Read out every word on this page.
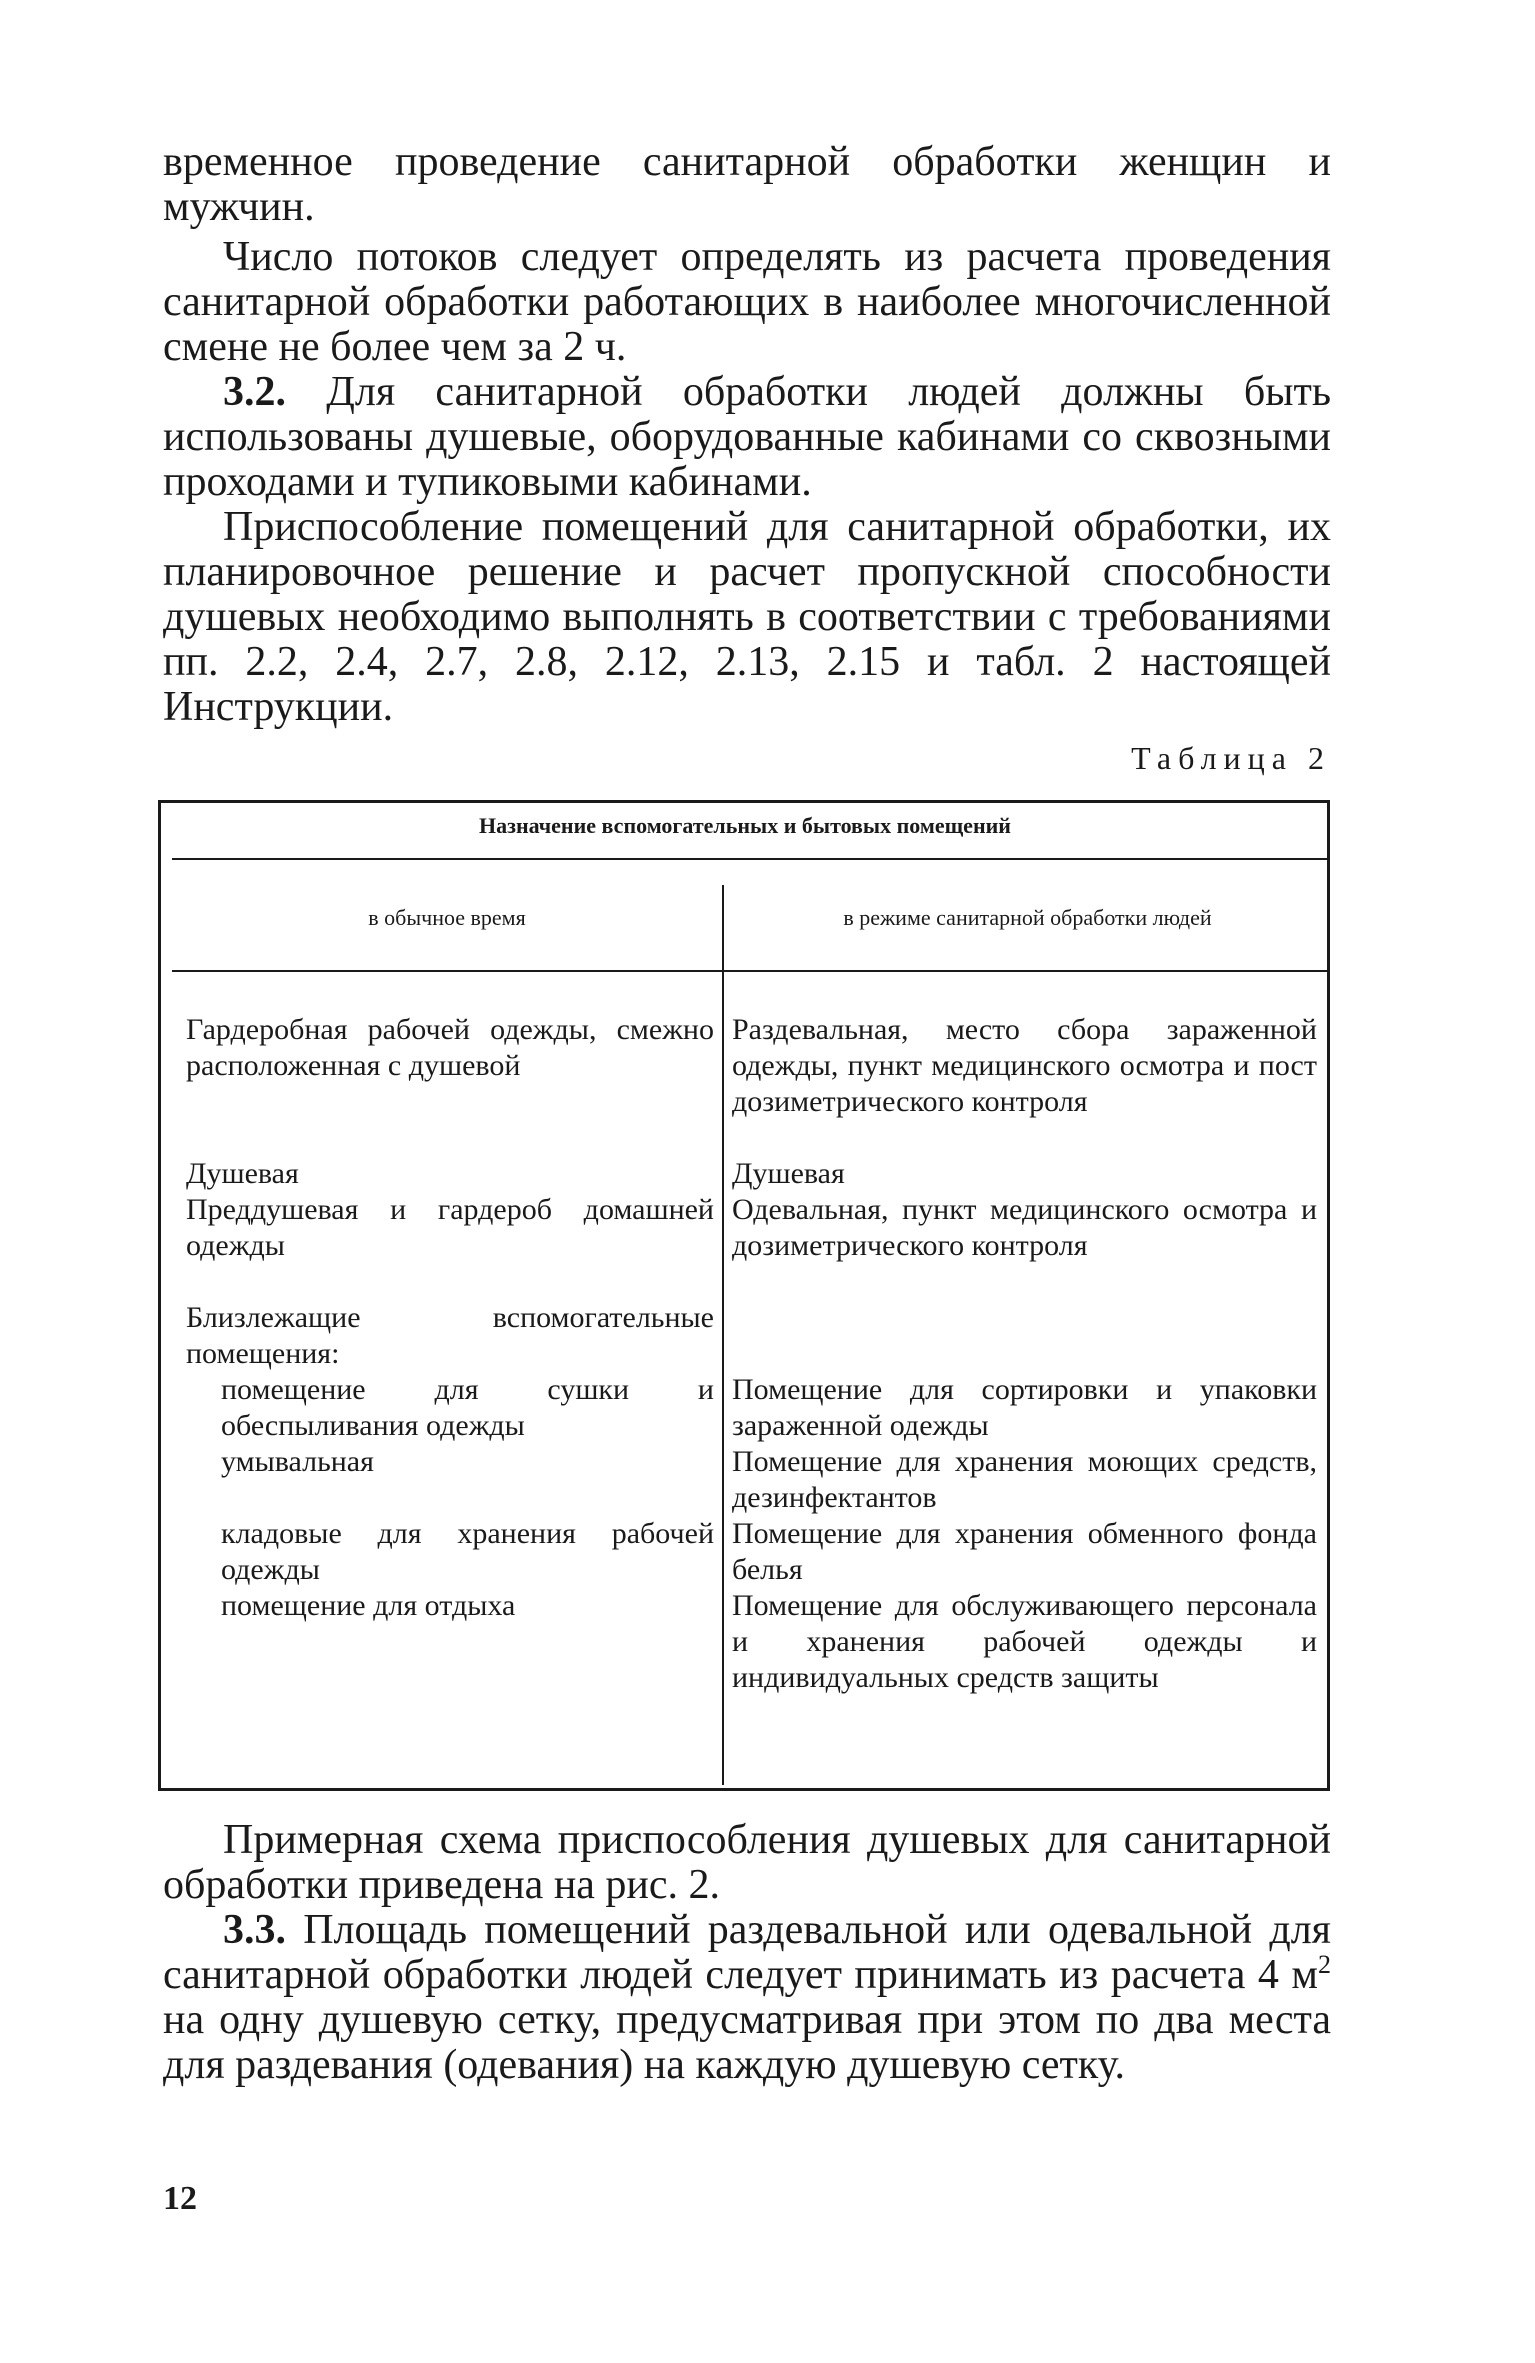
временное проведение санитарной обработки женщин и мужчин.

Число потоков следует определять из расчета проведения санитарной обработки работающих в наиболее многочисленной смене не более чем за 2 ч.

3.2. Для санитарной обработки людей должны быть использованы душевые, оборудованные кабинами со сквозными проходами и тупиковыми кабинами.

Приспособление помещений для санитарной обработки, их планировочное решение и расчет пропускной способности душевых необходимо выполнять в соответствии с требованиями пп. 2.2, 2.4, 2.7, 2.8, 2.12, 2.13, 2.15 и табл. 2 настоящей Инструкции.

Таблица 2

Назначение вспомогательных и бытовых помещений
в обычное время	в режиме санитарной обработки людей

Гардеробная рабочей одежды, смежно расположенная с душевой

Душевая

Преддушевая и гардероб домашней одежды

Близлежащие вспомогательные помещения:

помещение для сушки и обеспыливания одежды

умывальная

кладовые для хранения рабочей одежды

помещение для отдыха

Раздевальная, место сбора зараженной одежды, пункт медицинского осмотра и пост дозиметрического контроля

Душевая

Одевальная, пункт медицинского осмотра и дозиметрического контроля

Помещение для сортировки и упаковки зараженной одежды

Помещение для хранения моющих средств, дезинфектантов

Помещение для хранения обменного фонда белья

Помещение для обслуживающего персонала и хранения рабочей одежды и индивидуальных средств защиты

Примерная схема приспособления душевых для санитарной обработки приведена на рис. 2.

3.3. Площадь помещений раздевальной или одевальной для санитарной обработки людей следует принимать из расчета 4 $м^2$ на одну душевую сетку, предусматривая при этом по два места для раздевания (одевания) на каждую душевую сетку.

12
